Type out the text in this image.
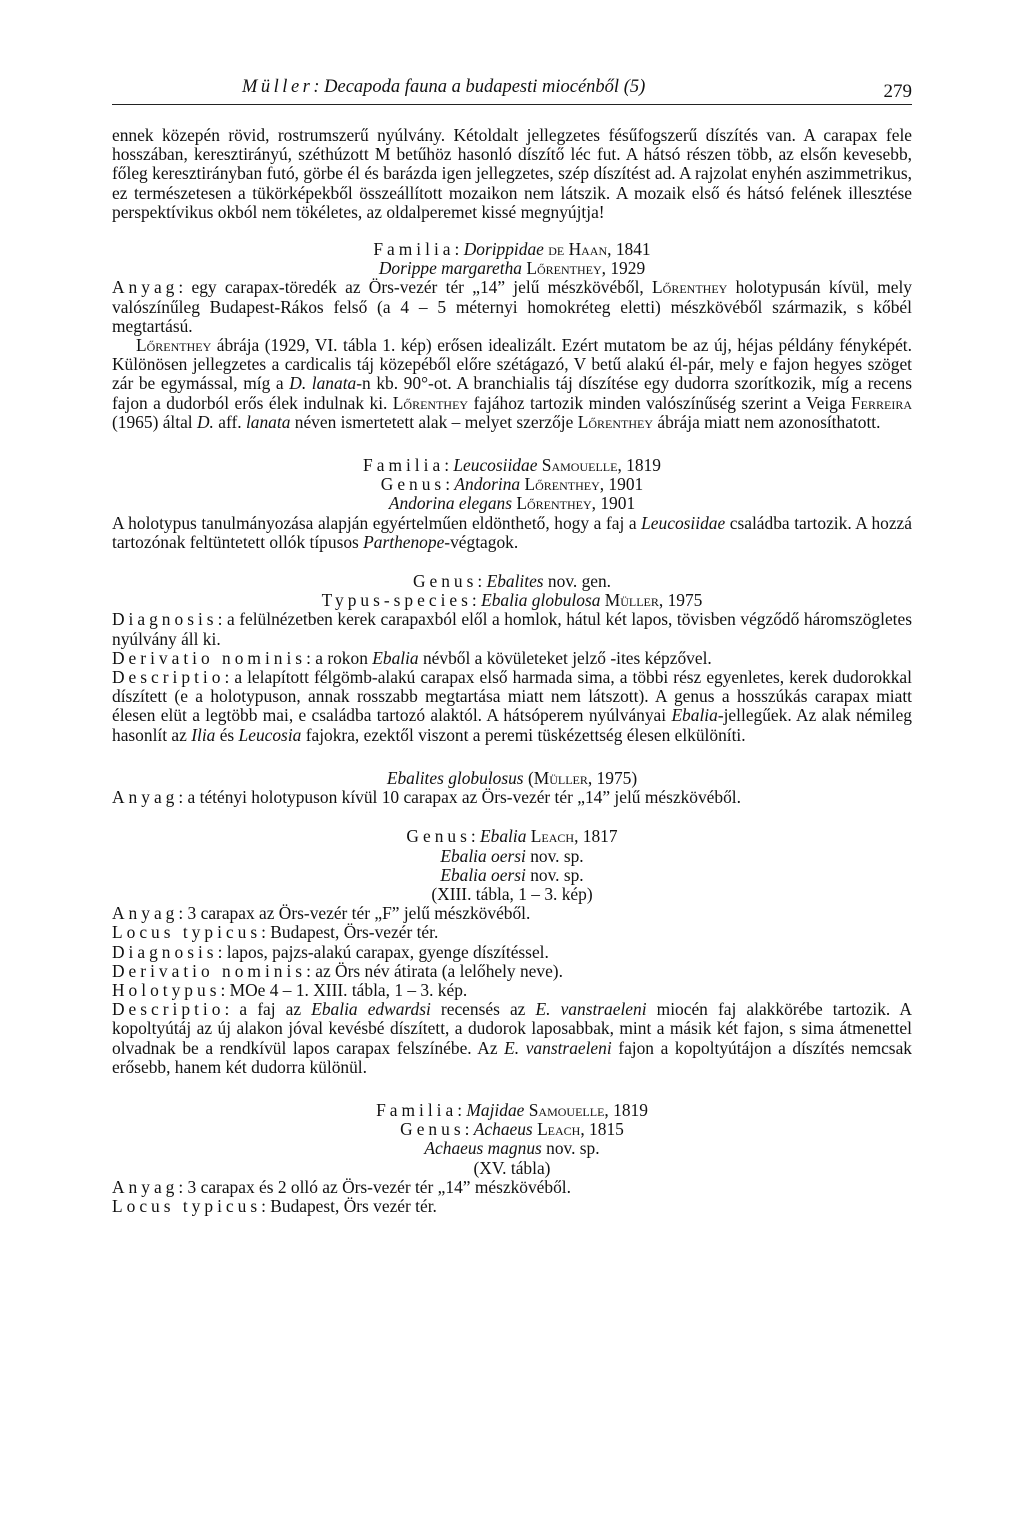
Müller: Decapoda fauna a budapesti miocénből (5)	279

ennek közepén rövid, rostrumszerű nyúlvány. Kétoldalt jellegzetes fésűfogszerű díszítés van. A carapax fele hosszában, keresztirányú, széthúzott M betűhöz hasonló díszítő léc fut. A hátsó részen több, az elsőn kevesebb, főleg keresztirányban futó, görbe él és barázda igen jellegzetes, szép díszítést ad. A rajzolat enyhén aszimmetrikus, ez természetesen a tükörképekből összeállított mozaikon nem látszik. A mozaik első és hátsó felének illesztése perspektívikus okból nem tökéletes, az oldalperemet kissé megnyújtja!

Familia: Dorippidae de Haan, 1841

Dorippe margaretha Lőrenthey, 1929

Anyag: egy carapax-töredék az Örs-vezér tér „14” jelű mészkövéből, Lőrenthey holotypusán kívül, mely valószínűleg Budapest-Rákos felső (a 4 – 5 méternyi homokréteg eletti) mészkövéből származik, s kőbél megtartású.

Lőrenthey ábrája (1929, VI. tábla 1. kép) erősen idealizált. Ezért mutatom be az új, héjas példány fényképét. Különösen jellegzetes a cardicalis táj közepéből előre szétágazó, V betű alakú él-pár, mely e fajon hegyes szöget zár be egymással, míg a D. lanata-n kb. 90°-ot. A branchialis táj díszítése egy dudorra szorítkozik, míg a recens fajon a dudorból erős élek indulnak ki. Lőrenthey fajához tartozik minden valószínűség szerint a Veiga Ferreira (1965) által D. aff. lanata néven ismertetett alak – melyet szerzője Lőrenthey ábrája miatt nem azonosíthatott.

Familia: Leucosiidae Samouelle, 1819

Genus: Andorina Lőrenthey, 1901

Andorina elegans Lőrenthey, 1901

A holotypus tanulmányozása alapján egyértelműen eldönthető, hogy a faj a Leucosiidae családba tartozik. A hozzá tartozónak feltüntetett ollók típusos Parthenope-végtagok.

Genus: Ebalites nov. gen.

Typus-species: Ebalia globulosa Müller, 1975

Diagnosis: a felülnézetben kerek carapaxból elől a homlok, hátul két lapos, tövisben végződő háromszögletes nyúlvány áll ki.

Derivatio nominis: a rokon Ebalia névből a kövületeket jelző -ites képzővel.

Descriptio: a lelapított félgömb-alakú carapax első harmada sima, a többi rész egyenletes, kerek dudorokkal díszített (e a holotypuson, annak rosszabb megtartása miatt nem látszott). A genus a hosszúkás carapax miatt élesen elüt a legtöbb mai, e családba tartozó alaktól. A hátsóperem nyúlványai Ebalia-jellegűek. Az alak némileg hasonlít az Ilia és Leucosia fajokra, ezektől viszont a peremi tüskézettség élesen elkülöníti.

Ebalites globulosus (Müller, 1975)

Anyag: a tétényi holotypuson kívül 10 carapax az Örs-vezér tér „14” jelű mészkövéből.

Genus: Ebalia Leach, 1817

Ebalia oersi nov. sp.

Ebalia oersi nov. sp.

(XIII. tábla, 1 – 3. kép)

Anyag: 3 carapax az Örs-vezér tér „F” jelű mészkövéből.

Locus typicus: Budapest, Örs-vezér tér.

Diagnosis: lapos, pajzs-alakú carapax, gyenge díszítéssel.

Derivatio nominis: az Örs név átirata (a lelőhely neve).

Holotypus: MOe 4 – 1. XIII. tábla, 1 – 3. kép.

Descriptio: a faj az Ebalia edwardsi recensés az E. vanstraeleni miocén faj alakkörébe tartozik. A kopoltyútáj az új alakon jóval kevésbé díszített, a dudorok laposabbak, mint a másik két fajon, s sima átmenettel olvadnak be a rendkívül lapos carapax felszínébe. Az E. vanstraeleni fajon a kopoltyútájon a díszítés nemcsak erősebb, hanem két dudorra különül.

Familia: Majidae Samouelle, 1819

Genus: Achaeus Leach, 1815

Achaeus magnus nov. sp.

(XV. tábla)

Anyag: 3 carapax és 2 olló az Örs-vezér tér „14” mészkövéből.

Locus typicus: Budapest, Örs vezér tér.
